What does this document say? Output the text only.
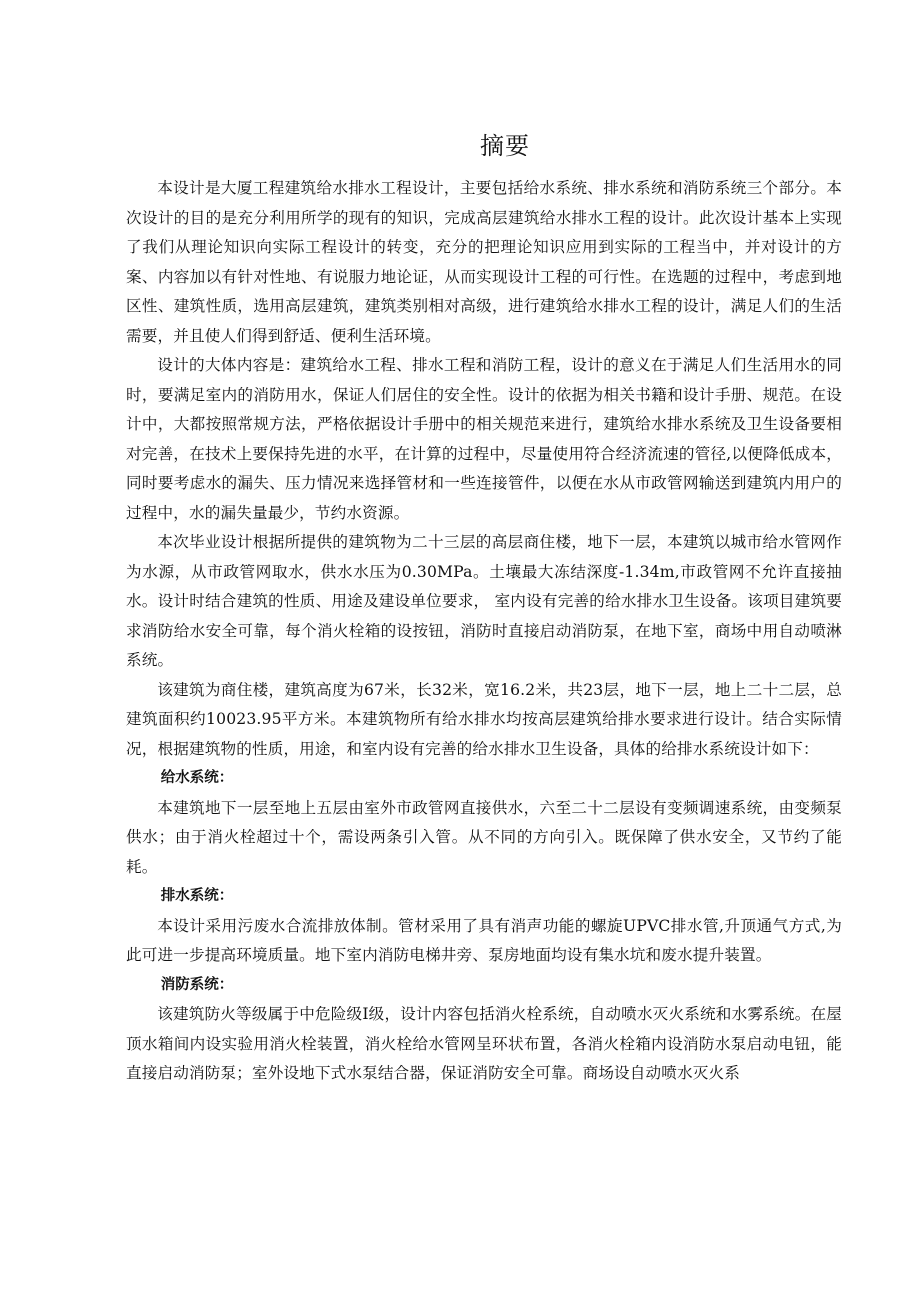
摘要

本设计是大厦工程建筑给水排水工程设计，主要包括给水系统、排水系统和消防系统三个部分。本次设计的目的是充分利用所学的现有的知识，完成高层建筑给水排水工程的设计。此次设计基本上实现了我们从理论知识向实际工程设计的转变，充分的把理论知识应用到实际的工程当中，并对设计的方案、内容加以有针对性地、有说服力地论证，从而实现设计工程的可行性。在选题的过程中，考虑到地区性、建筑性质，选用高层建筑，建筑类别相对高级，进行建筑给水排水工程的设计，满足人们的生活需要，并且使人们得到舒适、便利生活环境。

设计的大体内容是：建筑给水工程、排水工程和消防工程，设计的意义在于满足人们生活用水的同时，要满足室内的消防用水，保证人们居住的安全性。设计的依据为相关书籍和设计手册、规范。在设计中，大都按照常规方法，严格依据设计手册中的相关规范来进行，建筑给水排水系统及卫生设备要相对完善，在技术上要保持先进的水平，在计算的过程中，尽量使用符合经济流速的管径,以便降低成本，同时要考虑水的漏失、压力情况来选择管材和一些连接管件，以便在水从市政管网输送到建筑内用户的过程中，水的漏失量最少，节约水资源。

本次毕业设计根据所提供的建筑物为二十三层的高层商住楼，地下一层，本建筑以城市给水管网作为水源，从市政管网取水，供水水压为0.30MPa。土壤最大冻结深度-1.34m,市政管网不允许直接抽水。设计时结合建筑的性质、用途及建设单位要求， 室内设有完善的给水排水卫生设备。该项目建筑要求消防给水安全可靠，每个消火栓箱的设按钮，消防时直接启动消防泵，在地下室，商场中用自动喷淋系统。

该建筑为商住楼，建筑高度为67米，长32米，宽16.2米，共23层，地下一层，地上二十二层，总建筑面积约10023.95平方米。本建筑物所有给水排水均按高层建筑给排水要求进行设计。结合实际情况，根据建筑物的性质，用途，和室内设有完善的给水排水卫生设备，具体的给排水系统设计如下：

给水系统：

本建筑地下一层至地上五层由室外市政管网直接供水，六至二十二层设有变频调速系统，由变频泵供水；由于消火栓超过十个，需设两条引入管。从不同的方向引入。既保障了供水安全，又节约了能耗。

排水系统：

本设计采用污废水合流排放体制。管材采用了具有消声功能的螺旋UPVC排水管,升顶通气方式,为此可进一步提高环境质量。地下室内消防电梯井旁、泵房地面均设有集水坑和废水提升装置。

消防系统：

该建筑防火等级属于中危险级Ⅰ级，设计内容包括消火栓系统，自动喷水灭火系统和水雾系统。在屋顶水箱间内设实验用消火栓装置，消火栓给水管网呈环状布置，各消火栓箱内设消防水泵启动电钮，能直接启动消防泵；室外设地下式水泵结合器，保证消防安全可靠。商场设自动喷水灭火系
